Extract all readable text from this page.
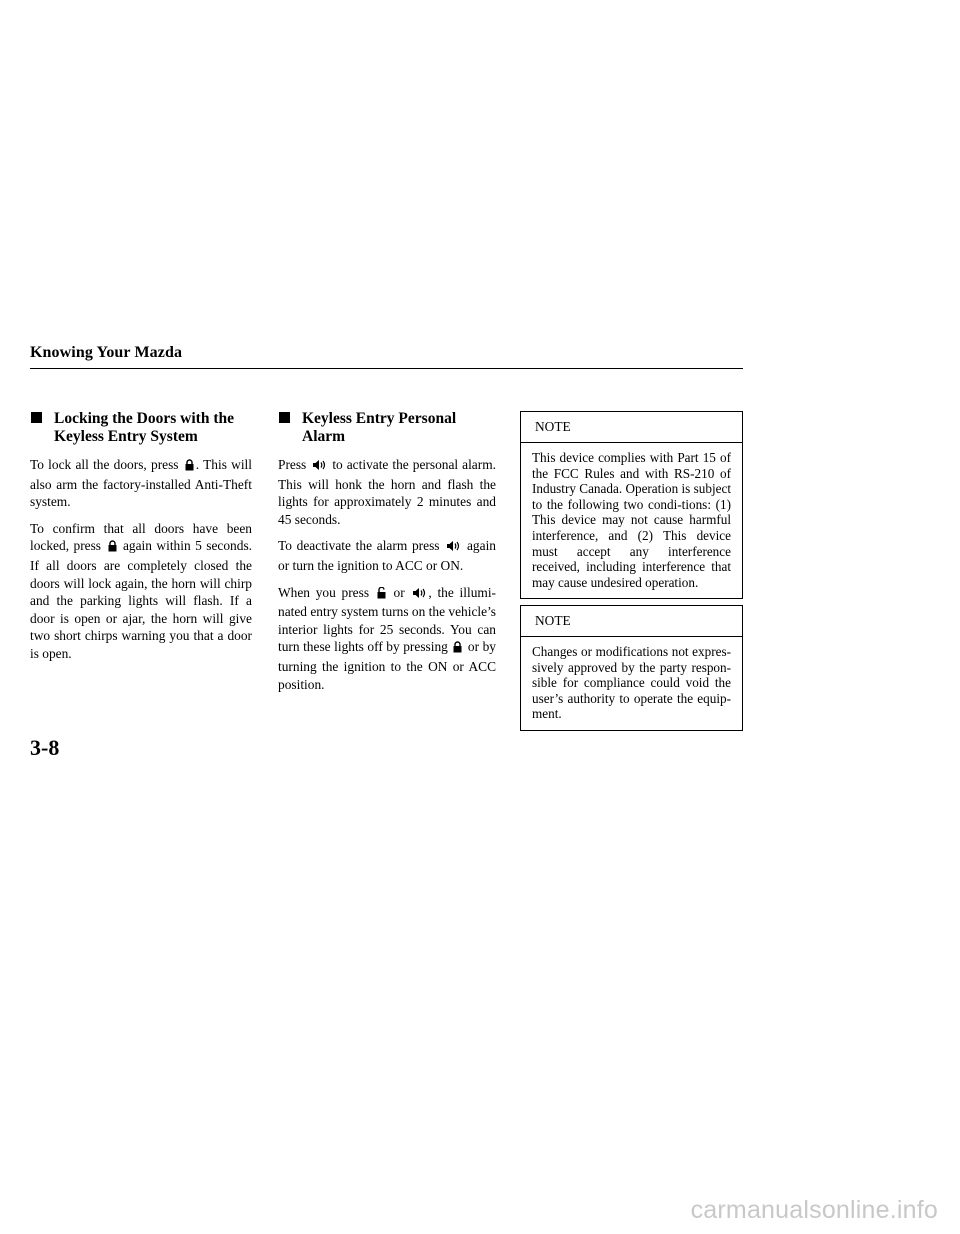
Knowing Your Mazda
Locking the Doors with the
Keyless Entry System

To lock all the doors, press . This will also arm the factory-installed Anti-Theft system.

To confirm that all doors have been locked, press again within 5 seconds. If all doors are completely closed the doors will lock again, the horn will chirp and the parking lights will flash. If a door is open or ajar, the horn will give two short chirps warning you that a door is open.

Keyless Entry Personal Alarm

Press to activate the personal alarm. This will honk the horn and flash the lights for approximately 2 minutes and 45 seconds.

To deactivate the alarm press again or turn the ignition to ACC or ON.

When you press or , the illumi-nated entry system turns on the vehicle’s interior lights for 25 seconds. You can turn these lights off by pressing or by turning the ignition to the ON or ACC position.

NOTE
This device complies with Part 15 of the FCC Rules and with RS-210 of Industry Canada. Operation is subject to the following two condi-tions: (1) This device may not cause harmful interference, and (2) This device must accept any interference received, including interference that may cause undesired operation.
NOTE
Changes or modifications not expres-sively approved by the party respon-sible for compliance could void the user’s authority to operate the equip-ment.
3-8
carmanualsonline.info
